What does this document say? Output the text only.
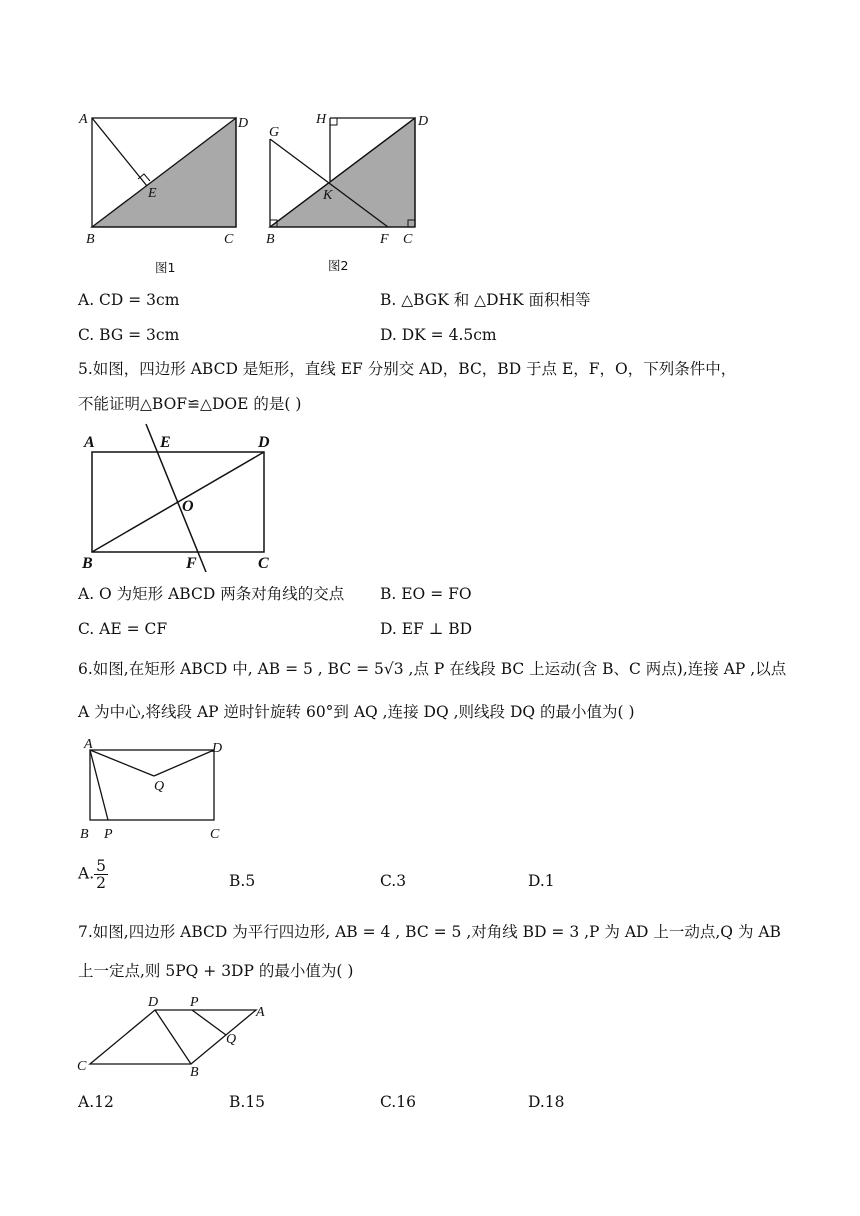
A	D
E
B	C
图1
H	D
G
K
B	F C
图2
A. CD = 3cm	B. △BGK 和 △DHK 面积相等
C. BG = 3cm	D. DK = 4.5cm
5.如图，四边形 ABCD 是矩形，直线 EF 分别交 AD，BC，BD 于点 E，F，O，下列条件中，
不能证明△BOF≌△DOE 的是( )
A	E	D
O
B	F	C
A. O 为矩形 ABCD 两条对角线的交点 B. EO = FO
C. AE = CF	D. EF ⊥ BD
6.如图,在矩形 ABCD 中, AB = 5 , BC = 5√3 ,点 P 在线段 BC 上运动(含 B、C 两点),连接 AP ,以点
A 为中心,将线段 AP 逆时针旋转 60°到 AQ ,连接 DQ ,则线段 DQ 的最小值为( )
A	D
Q
B P	C
A. $\frac{5}{2}$	B.5	C.3	D.1
7.如图,四边形 ABCD 为平行四边形, AB = 4 , BC = 5 ,对角线 BD = 3 ,P 为 AD 上一动点,Q 为 AB
上一定点,则 5PQ + 3DP 的最小值为( )
D P
A
Q
C	B
A.12	B.15	C.16	D.18
